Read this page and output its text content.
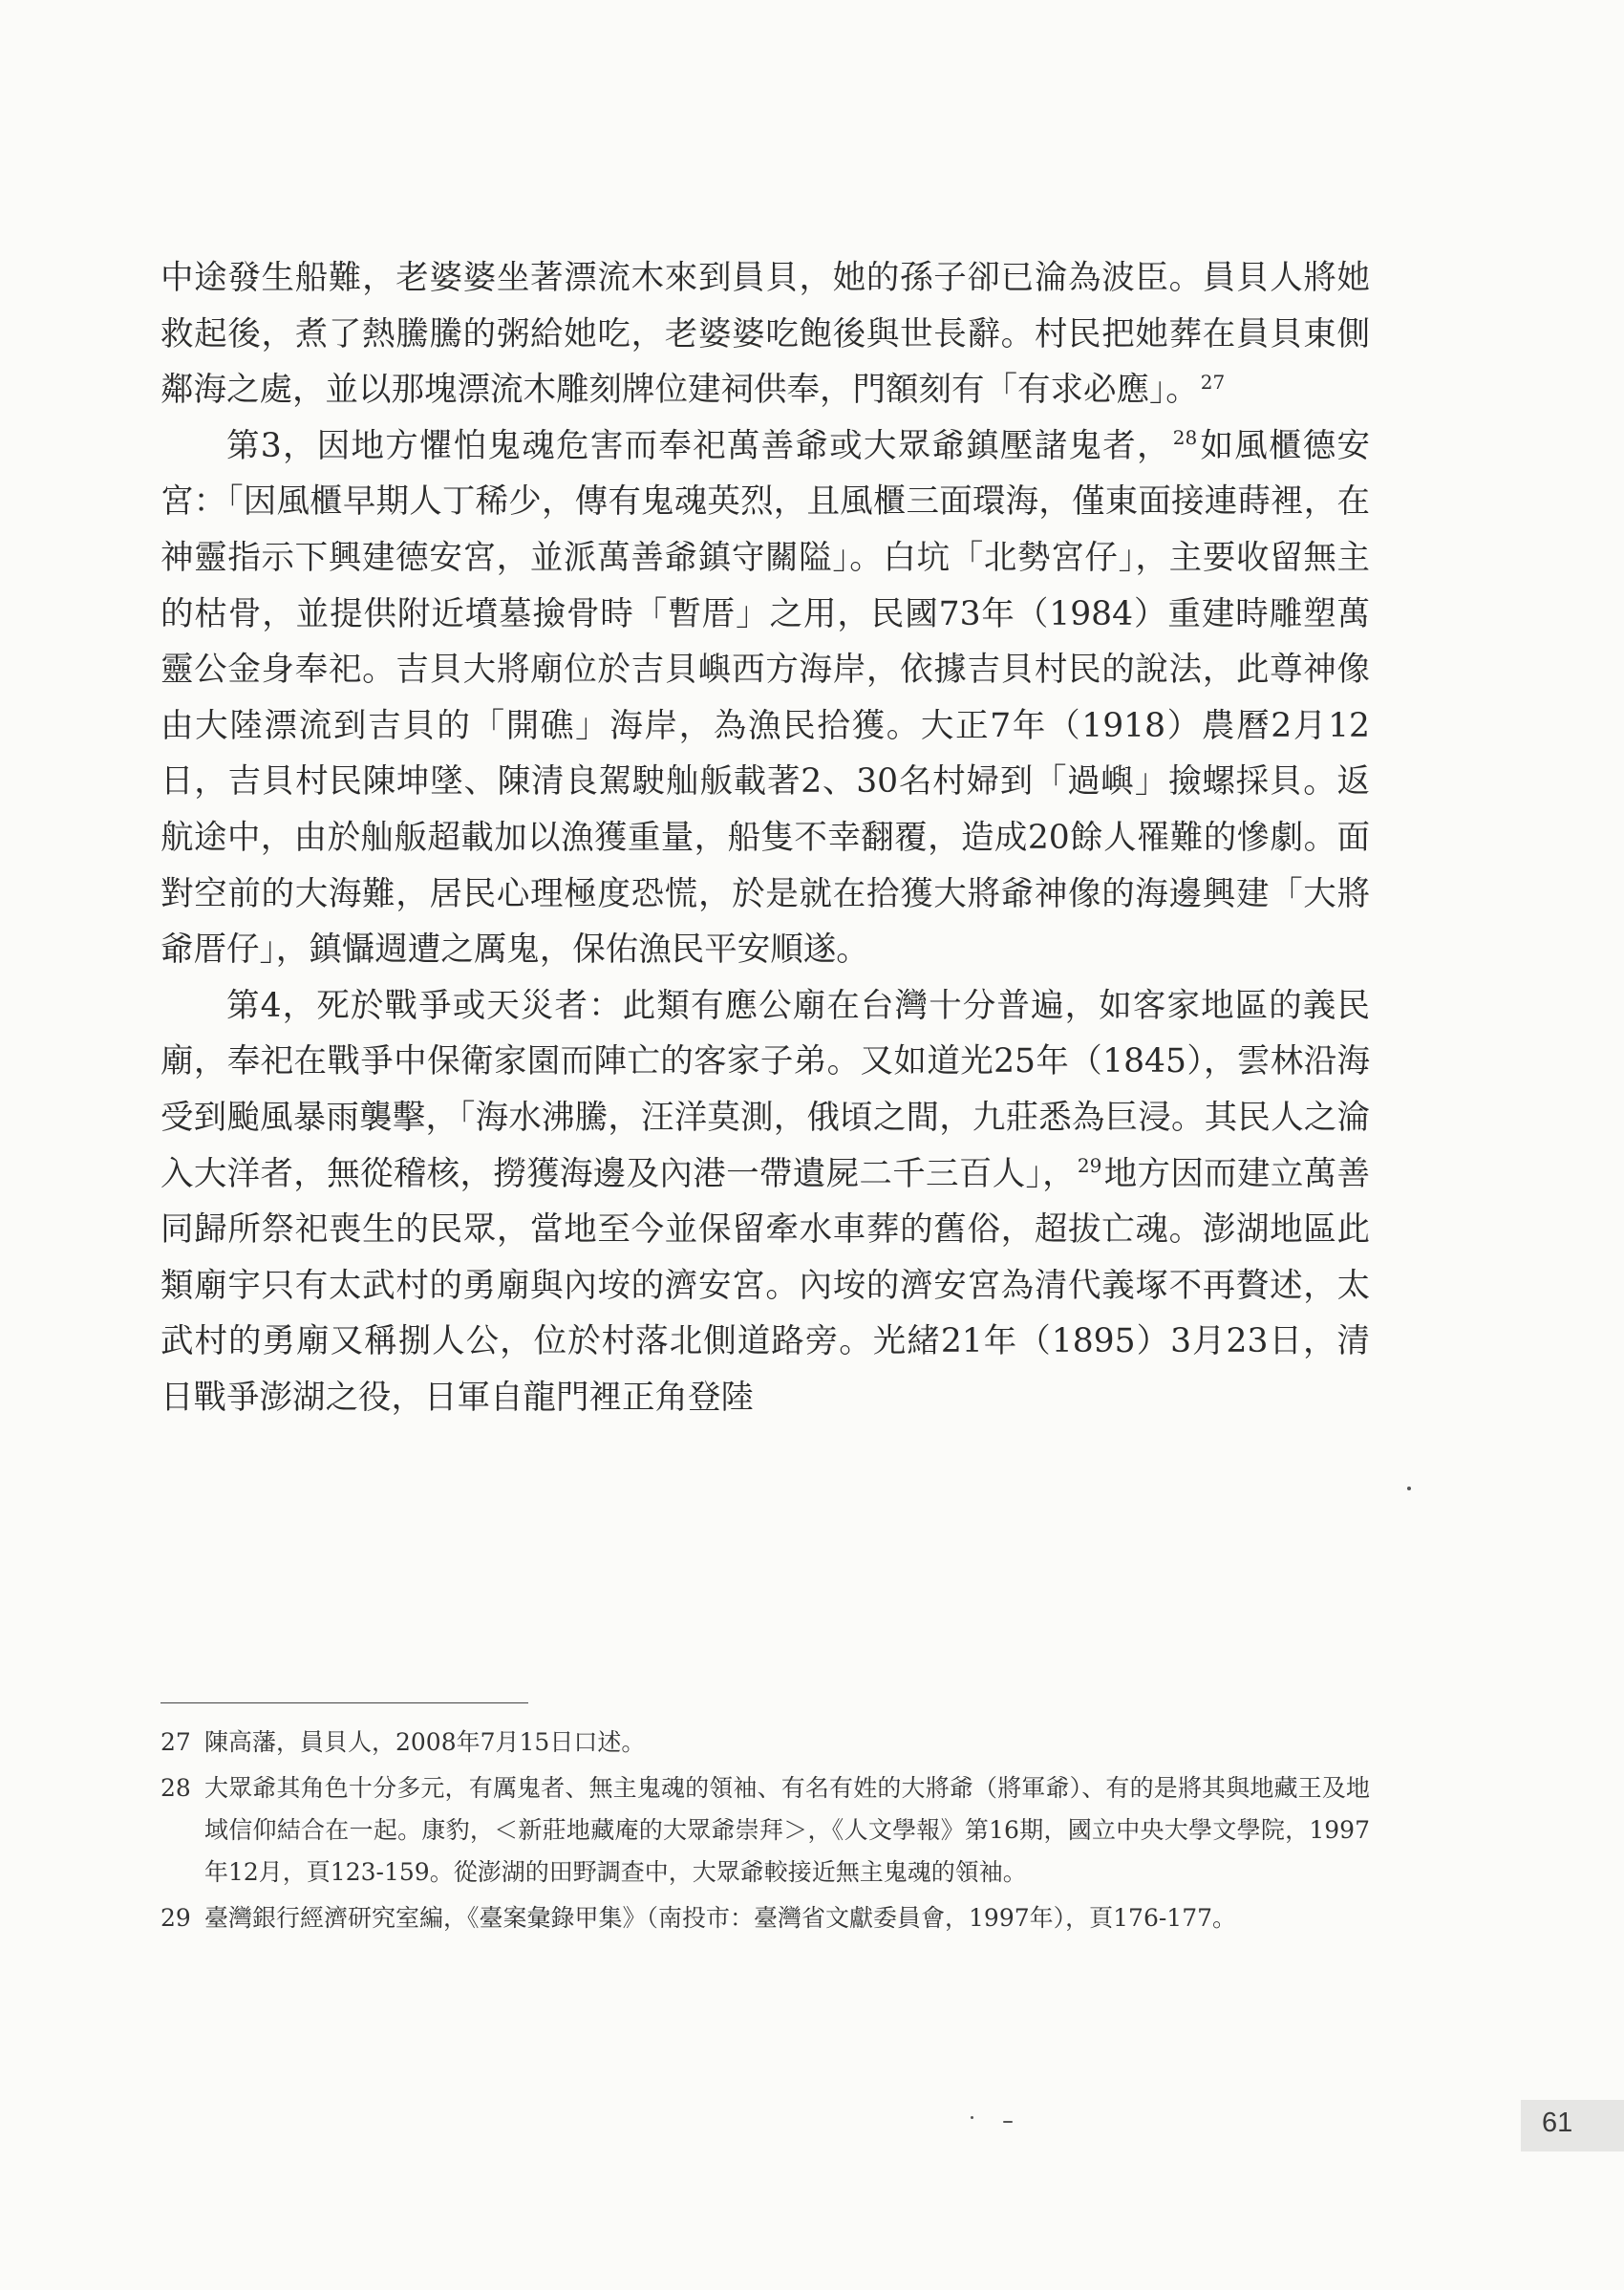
中途發生船難，老婆婆坐著漂流木來到員貝，她的孫子卻已淪為波臣。員貝人將她救起後，煮了熱騰騰的粥給她吃，老婆婆吃飽後與世長辭。村民把她葬在員貝東側鄰海之處，並以那塊漂流木雕刻牌位建祠供奉，門額刻有「有求必應」。 $^{27}$

第3，因地方懼怕鬼魂危害而奉祀萬善爺或大眾爺鎮壓諸鬼者， $^{28}$如風櫃德安宮：「因風櫃早期人丁稀少，傳有鬼魂英烈，且風櫃三面環海，僅東面接連蒔裡，在神靈指示下興建德安宮，並派萬善爺鎮守關隘」。白坑「北勢宮仔」，主要收留無主的枯骨，並提供附近墳墓撿骨時「暫厝」之用，民國73年（1984）重建時雕塑萬靈公金身奉祀。吉貝大將廟位於吉貝嶼西方海岸，依據吉貝村民的說法，此尊神像由大陸漂流到吉貝的「開礁」海岸，為漁民拾獲。大正7年（1918）農曆2月12日，吉貝村民陳坤墜、陳清良駕駛舢舨載著2、30名村婦到「過嶼」撿螺採貝。返航途中，由於舢舨超載加以漁獲重量，船隻不幸翻覆，造成20餘人罹難的慘劇。面對空前的大海難，居民心理極度恐慌，於是就在拾獲大將爺神像的海邊興建「大將爺厝仔」，鎮懾週遭之厲鬼，保佑漁民平安順遂。

第4，死於戰爭或天災者：此類有應公廟在台灣十分普遍，如客家地區的義民廟，奉祀在戰爭中保衛家園而陣亡的客家子弟。又如道光25年（1845），雲林沿海受到颱風暴雨襲擊，「海水沸騰，汪洋莫測，俄頃之間，九莊悉為巨浸。其民人之淪入大洋者，無從稽核，撈獲海邊及內港一帶遺屍二千三百人」， $^{29}$地方因而建立萬善同歸所祭祀喪生的民眾，當地至今並保留牽水車葬的舊俗，超拔亡魂。澎湖地區此類廟宇只有太武村的勇廟與內垵的濟安宮。內垵的濟安宮為清代義塚不再贅述，太武村的勇廟又稱捌人公，位於村落北側道路旁。光緒21年（1895）3月23日，清日戰爭澎湖之役，日軍自龍門裡正角登陸

27 陳高藩，員貝人，2008年7月15日口述。
28 大眾爺其角色十分多元，有厲鬼者、無主鬼魂的領袖、有名有姓的大將爺（將軍爺）、有的是將其與地藏王及地域信仰結合在一起。康豹，＜新莊地藏庵的大眾爺崇拜＞，《人文學報》第16期，國立中央大學文學院，1997年12月，頁123-159。從澎湖的田野調查中，大眾爺較接近無主鬼魂的領袖。
29 臺灣銀行經濟研究室編，《臺案彙錄甲集》（南投市：臺灣省文獻委員會，1997年），頁176-177。
61
